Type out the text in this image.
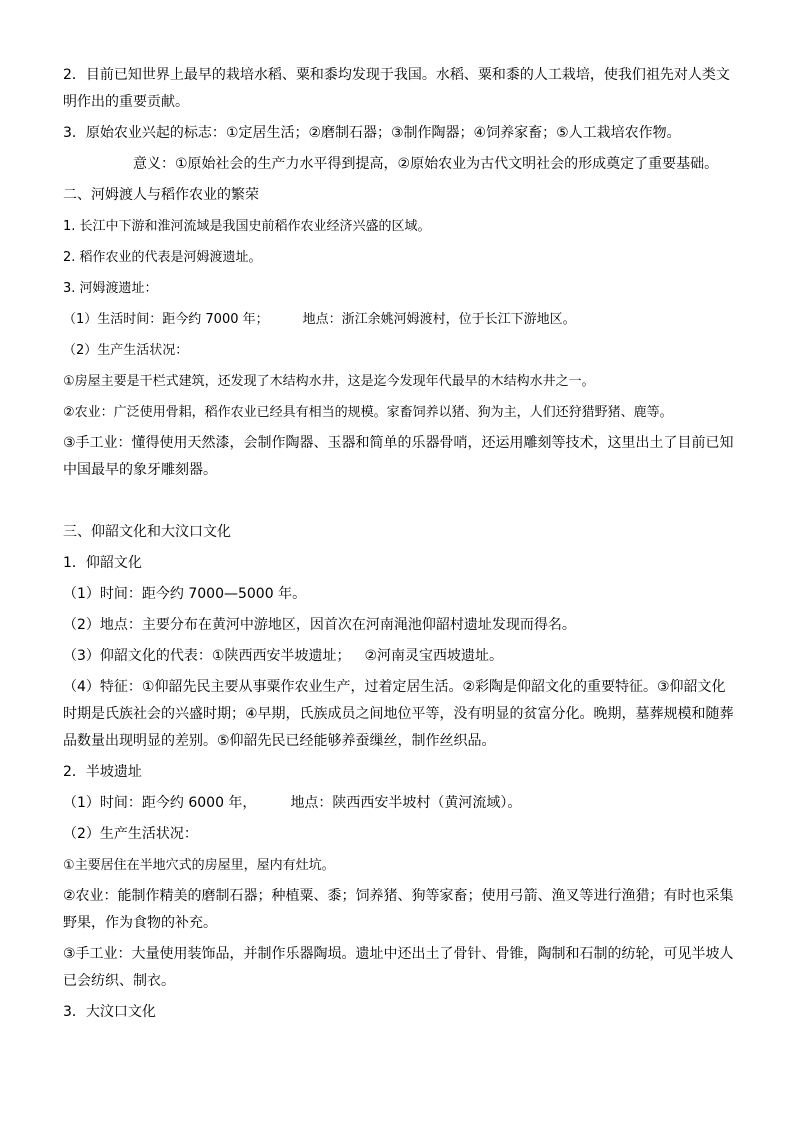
2．目前已知世界上最早的栽培水稻、粟和黍均发现于我国。水稻、粟和黍的人工栽培，使我们祖先对人类文明作出的重要贡献。
3．原始农业兴起的标志：①定居生活；②磨制石器；③制作陶器；④饲养家畜；⑤人工栽培农作物。
意义：①原始社会的生产力水平得到提高，②原始农业为古代文明社会的形成奠定了重要基础。
二、河姆渡人与稻作农业的繁荣
1. 长江中下游和淮河流域是我国史前稻作农业经济兴盛的区域。
2. 稻作农业的代表是河姆渡遗址。
3. 河姆渡遗址：
（1）生活时间：距今约 7000 年；	地点：浙江余姚河姆渡村，位于长江下游地区。
（2）生产生活状况：
①房屋主要是干栏式建筑，还发现了木结构水井，这是迄今发现年代最早的木结构水井之一。
②农业：广泛使用骨耜，稻作农业已经具有相当的规模。家畜饲养以猪、狗为主，人们还狩猎野猪、鹿等。
③手工业：懂得使用天然漆，会制作陶器、玉器和简单的乐器骨哨，还运用雕刻等技术，这里出土了目前已知中国最早的象牙雕刻器。
三、仰韶文化和大汶口文化
1．仰韶文化
（1）时间：距今约 7000—5000 年。
（2）地点：主要分布在黄河中游地区，因首次在河南渑池仰韶村遗址发现而得名。
（3）仰韶文化的代表：①陕西西安半坡遗址； ②河南灵宝西坡遗址。
（4）特征：①仰韶先民主要从事粟作农业生产，过着定居生活。②彩陶是仰韶文化的重要特征。③仰韶文化时期是氏族社会的兴盛时期；④早期，氏族成员之间地位平等，没有明显的贫富分化。晚期，墓葬规模和随葬品数量出现明显的差别。⑤仰韶先民已经能够养蚕缫丝，制作丝织品。
2．半坡遗址
（1）时间：距今约 6000 年， 地点：陕西西安半坡村（黄河流域）。
（2）生产生活状况：
①主要居住在半地穴式的房屋里，屋内有灶坑。
②农业：能制作精美的磨制石器；种植粟、黍；饲养猪、狗等家畜；使用弓箭、渔叉等进行渔猎；有时也采集野果，作为食物的补充。
③手工业：大量使用装饰品，并制作乐器陶埙。遗址中还出土了骨针、骨锥，陶制和石制的纺轮，可见半坡人已会纺织、制衣。
3．大汶口文化
